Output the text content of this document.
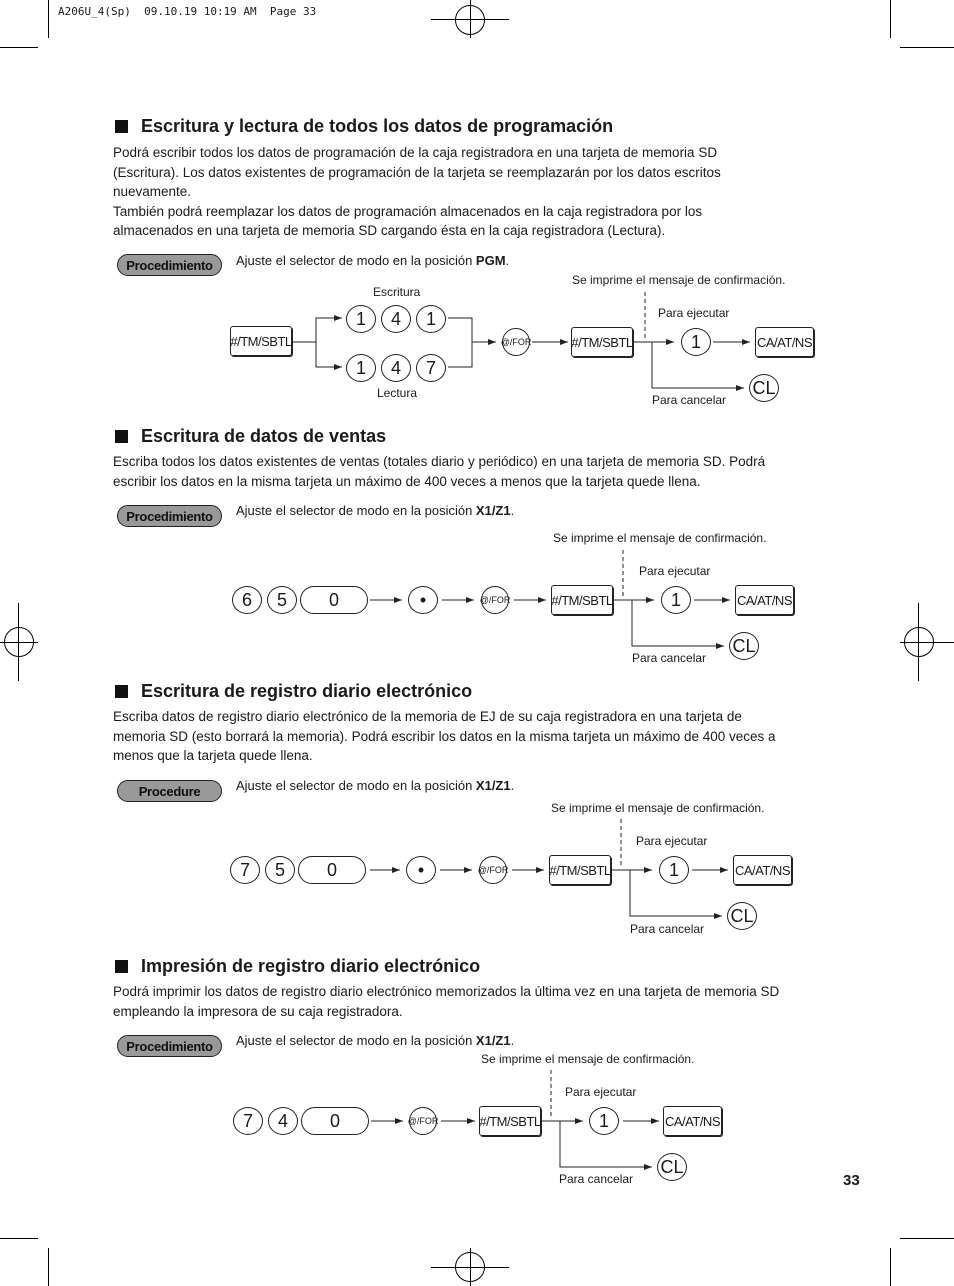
A206U_4(Sp)  09.10.19 10:19 AM  Page 33
Escritura y lectura de todos los datos de programación
Podrá escribir todos los datos de programación de la caja registradora en una tarjeta de memoria SD
(Escritura). Los datos existentes de programación de la tarjeta se reemplazarán por los datos escritos
nuevamente.
También podrá reemplazar los datos de programación almacenados en la caja registradora por los
almacenados en una tarjeta de memoria SD cargando ésta en la caja registradora (Lectura).
Procedimiento	Ajuste el selector de modo en la posición PGM.
Se imprime el mensaje de confirmación.
Escritura
Lectura
Para ejecutar
Para cancelar
#/TM/SBTL
1	4	1
1	4	7
@/FOR	#/TM/SBTL	1	CA/AT/NS
CL
Escritura de datos de ventas
Escriba todos los datos existentes de ventas (totales diario y periódico) en una tarjeta de memoria SD. Podrá
escribir los datos en la misma tarjeta un máximo de 400 veces a menos que la tarjeta quede llena.
Procedimiento	Ajuste el selector de modo en la posición X1/Z1.
Se imprime el mensaje de confirmación.
Para ejecutar
Para cancelar
6	5	0	•	@/FOR	#/TM/SBTL	1	CA/AT/NS
CL
Escritura de registro diario electrónico
Escriba datos de registro diario electrónico de la memoria de EJ de su caja registradora en una tarjeta de
memoria SD (esto borrará la memoria). Podrá escribir los datos en la misma tarjeta un máximo de 400 veces a
menos que la tarjeta quede llena.
Procedure	Ajuste el selector de modo en la posición X1/Z1.
Se imprime el mensaje de confirmación.
Para ejecutar
Para cancelar
7	5	0	•	@/FOR	#/TM/SBTL	1	CA/AT/NS
CL
Impresión de registro diario electrónico
Podrá imprimir los datos de registro diario electrónico memorizados la última vez en una tarjeta de memoria SD
empleando la impresora de su caja registradora.
Procedimiento	Ajuste el selector de modo en la posición X1/Z1.
Se imprime el mensaje de confirmación.
Para ejecutar
Para cancelar
7	4	0	@/FOR	#/TM/SBTL	1	CA/AT/NS
CL
33
